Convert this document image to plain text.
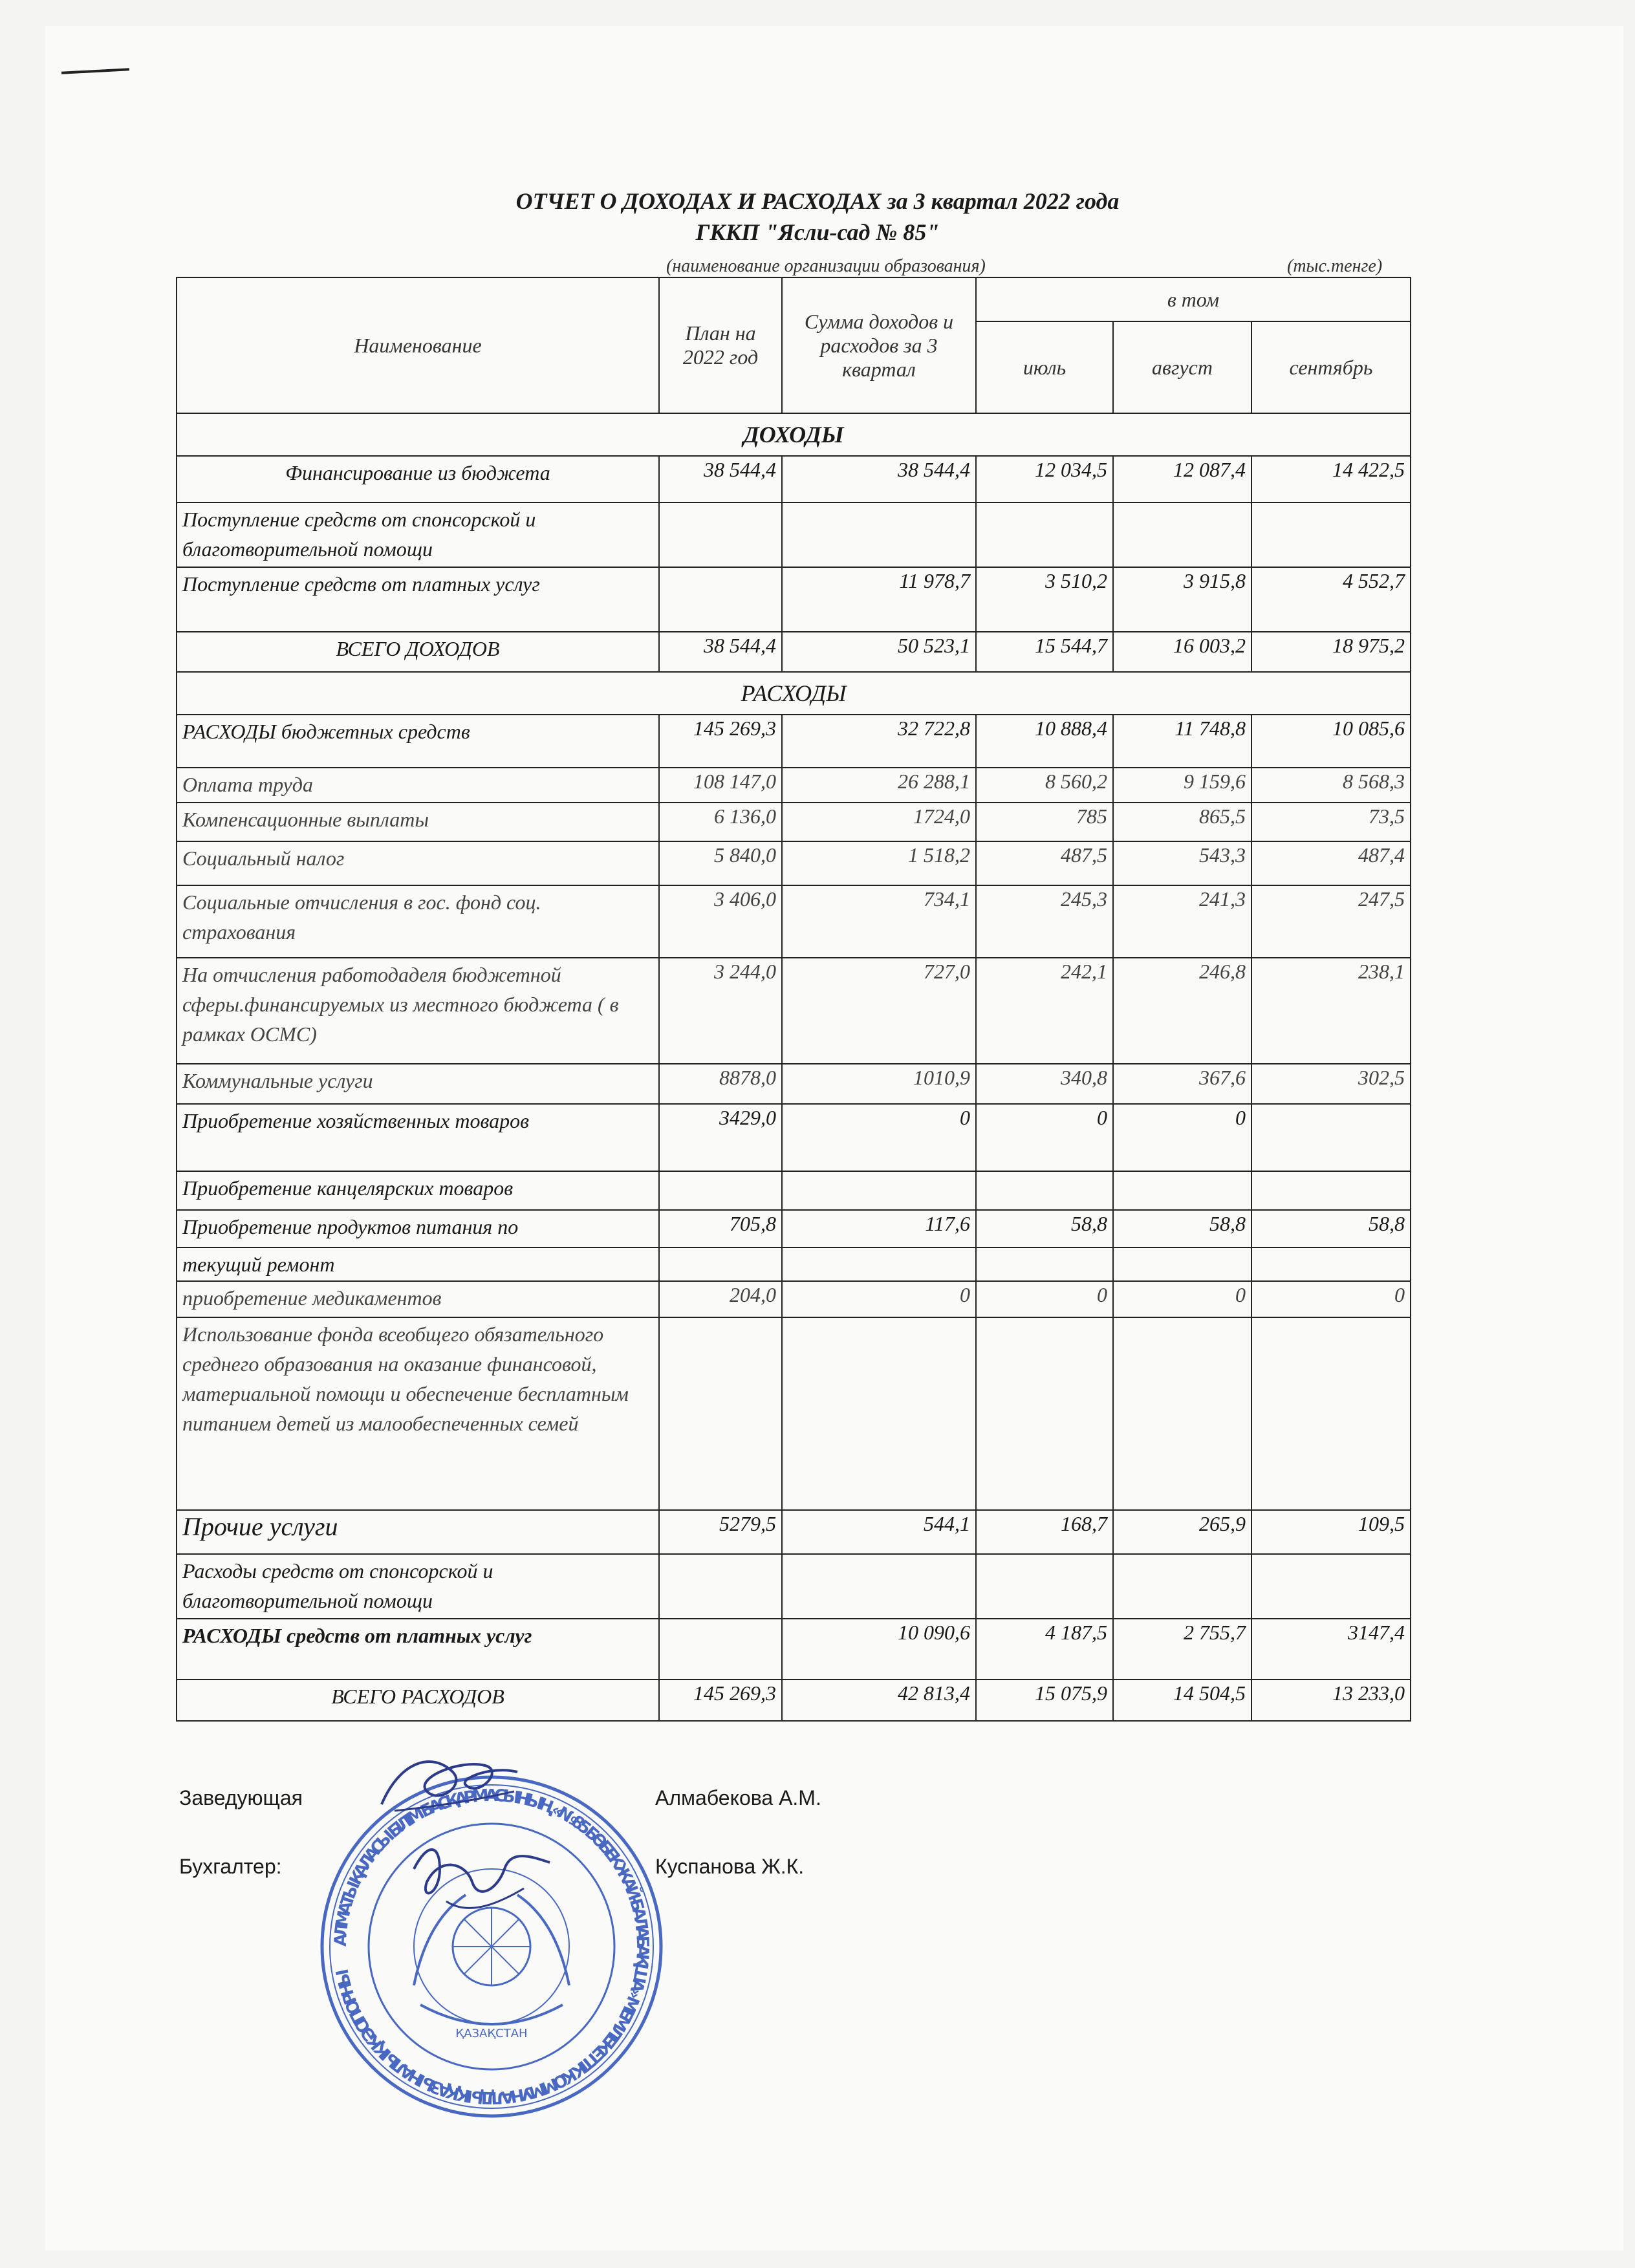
ОТЧЕТ О ДОХОДАХ И РАСХОДАХ за 3 квартал 2022 года
ГККП "Ясли-сад № 85"
(наименование организации образования)	(тыс.тенге)
Наименование	План на 2022 год	Сумма доходов и расходов за 3 квартал	в том		
			июль	август	сентябрь
ДОХОДЫ					
Финансирование из бюджета	38 544,4	38 544,4	12 034,5	12 087,4	14 422,5
Поступление средств от спонсорской и благотворительной помощи					
Поступление средств от платных услуг		11 978,7	3 510,2	3 915,8	4 552,7
ВСЕГО ДОХОДОВ	38 544,4	50 523,1	15 544,7	16 003,2	18 975,2
РАСХОДЫ					
РАСХОДЫ бюджетных средств	145 269,3	32 722,8	10 888,4	11 748,8	10 085,6
Оплата труда	108 147,0	26 288,1	8 560,2	9 159,6	8 568,3
Компенсационные выплаты	6 136,0	1724,0	785	865,5	73,5
Социальный налог	5 840,0	1 518,2	487,5	543,3	487,4
Социальные отчисления в гос. фонд соц. страхования	3 406,0	734,1	245,3	241,3	247,5
На отчисления работодаделя бюджетной сферы.финансируемых из местного бюджета ( в рамках ОСМС)	3 244,0	727,0	242,1	246,8	238,1
Коммунальные услуги	8878,0	1010,9	340,8	367,6	302,5
Приобретение хозяйственных товаров	3429,0	0	0	0	
Приобретение канцелярских товаров					
Приобретение продуктов питания по	705,8	117,6	58,8	58,8	58,8
текущий ремонт					
приобретение медикаментов	204,0	0	0	0	0
Использование фонда всеобщего обязательного среднего образования на оказание финансовой, материальной помощи и обеспечение бесплатным питанием детей из малообеспеченных семей					
Прочие услуги	5279,5	544,1	168,7	265,9	109,5
Расходы средств от спонсорской и благотворительной помощи					
РАСХОДЫ средств от платных услуг		10 090,6	4 187,5	2 755,7	3147,4
ВСЕГО РАСХОДОВ	145 269,3	42 813,4	15 075,9	14 504,5	13 233,0
Заведующая	Алмабекова А.М.
Бухгалтер:	Куспанова Ж.К.
АЛМАТЫ ҚАЛАСЫ БІЛІМ БАСҚАРМАСЫНЫҢ «№85 БӨБЕКЖАЙ-БАЛАБАҚША» МЕМЛЕКЕТТІК КОММУНАЛДЫҚ ҚАЗЫНАЛЫҚ КӘСІПОРНЫ
ҚАЗАҚСТАН
